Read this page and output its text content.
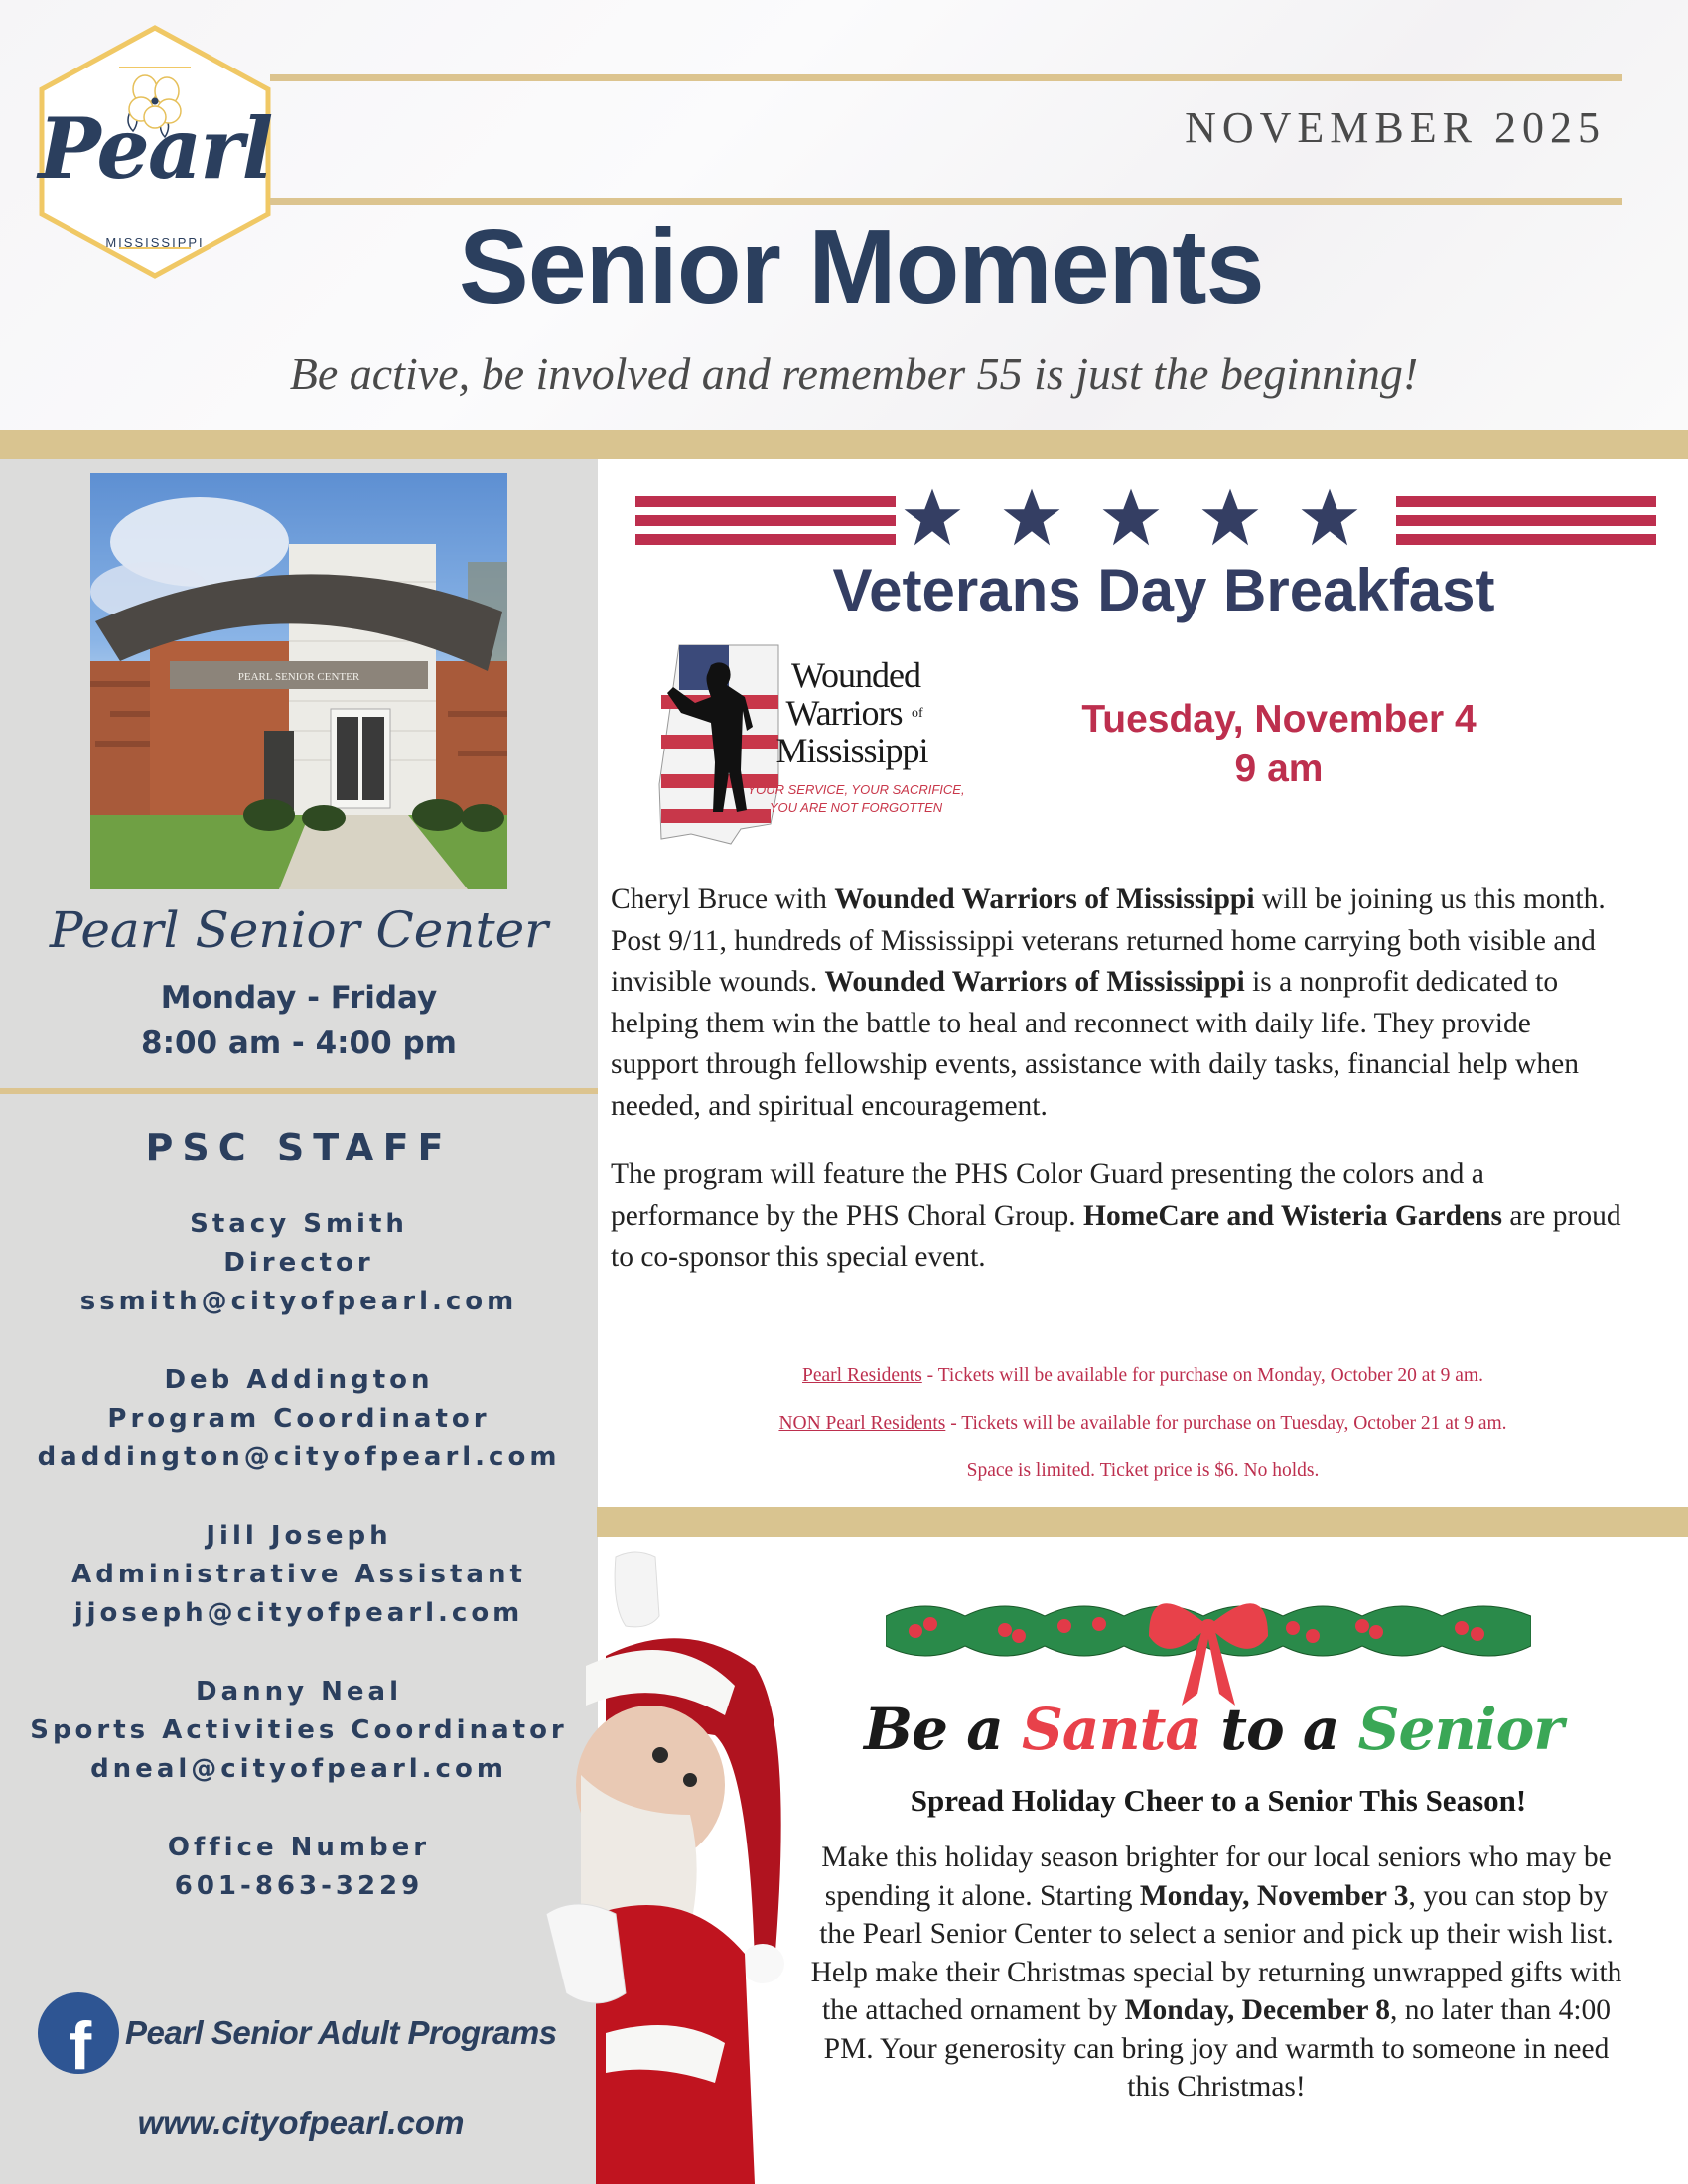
Pearl
MISSISSIPPI
NOVEMBER 2025
Senior Moments
Be active, be involved and remember 55 is just the beginning!
PEARL SENIOR CENTER
Pearl Senior Center
Monday - Friday
8:00 am - 4:00 pm
PSC STAFF
Stacy Smith
Director
ssmith@cityofpearl.com
Deb Addington
Program Coordinator
daddington@cityofpearl.com
Jill Joseph
Administrative Assistant
jjoseph@cityofpearl.com
Danny Neal
Sports Activities Coordinator
dneal@cityofpearl.com
Office Number
601-863-3229
f Pearl Senior Adult Programs
www.cityofpearl.com
Veterans Day Breakfast
Wounded
Warriors of
Mississippi
YOUR SERVICE, YOUR SACRIFICE,
YOU ARE NOT FORGOTTEN
Tuesday, November 4
9 am

Cheryl Bruce with Wounded Warriors of Mississippi will be joining us this month. Post 9/11, hundreds of Mississippi veterans returned home carrying both visible and invisible wounds. Wounded Warriors of Mississippi is a nonprofit dedicated to helping them win the battle to heal and reconnect with daily life. They provide support through fellowship events, assistance with daily tasks, financial help when needed, and spiritual encouragement.

The program will feature the PHS Color Guard presenting the colors and a performance by the PHS Choral Group. HomeCare and Wisteria Gardens are proud to co-sponsor this special event.

Pearl Residents - Tickets will be available for purchase on Monday, October 20 at 9 am.
NON Pearl Residents - Tickets will be available for purchase on Tuesday, October 21 at 9 am.
Space is limited. Ticket price is $6. No holds.
Be a Santa to a Senior
Spread Holiday Cheer to a Senior This Season!
Make this holiday season brighter for our local seniors who may be spending it alone. Starting Monday, November 3, you can stop by the Pearl Senior Center to select a senior and pick up their wish list. Help make their Christmas special by returning unwrapped gifts with the attached ornament by Monday, December 8, no later than 4:00 PM. Your generosity can bring joy and warmth to someone in need this Christmas!
